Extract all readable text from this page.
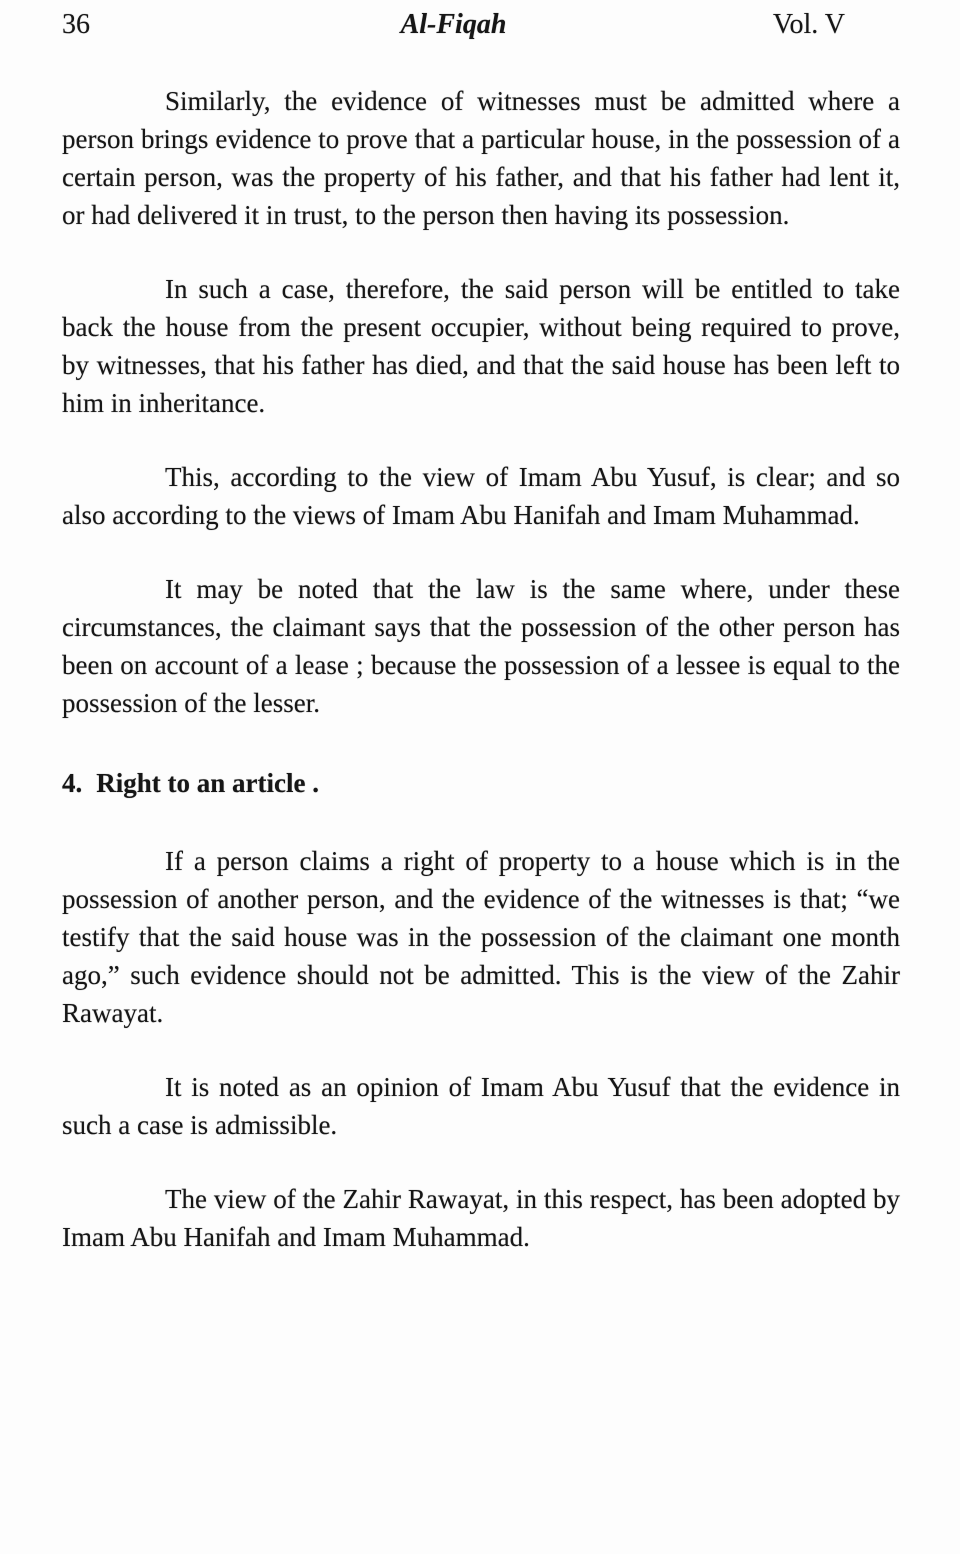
36	Al-Fiqah	Vol. V

Similarly, the evidence of witnesses must be admitted where a person brings evidence to prove that a particular house, in the possession of a certain person, was the property of his father, and that his father had lent it, or had delivered it in trust, to the person then having its possession.

In such a case, therefore, the said person will be entitled to take back the house from the present occupier, without being required to prove, by witnesses, that his father has died, and that the said house has been left to him in inheritance.

This, according to the view of Imam Abu Yusuf, is clear; and so also according to the views of Imam Abu Hanifah and Imam Muhammad.

It may be noted that the law is the same where, under these circumstances, the claimant says that the possession of the other person has been on account of a lease ; because the possession of a lessee is equal to the possession of the lesser.

4. Right to an article .

If a person claims a right of property to a house which is in the possession of another person, and the evidence of the witnesses is that; “we testify that the said house was in the possession of the claimant one month ago,” such evidence should not be admitted. This is the view of the Zahir Rawayat.

It is noted as an opinion of Imam Abu Yusuf that the evidence in such a case is admissible.

The view of the Zahir Rawayat, in this respect, has been adopted by Imam Abu Hanifah and Imam Muhammad.
